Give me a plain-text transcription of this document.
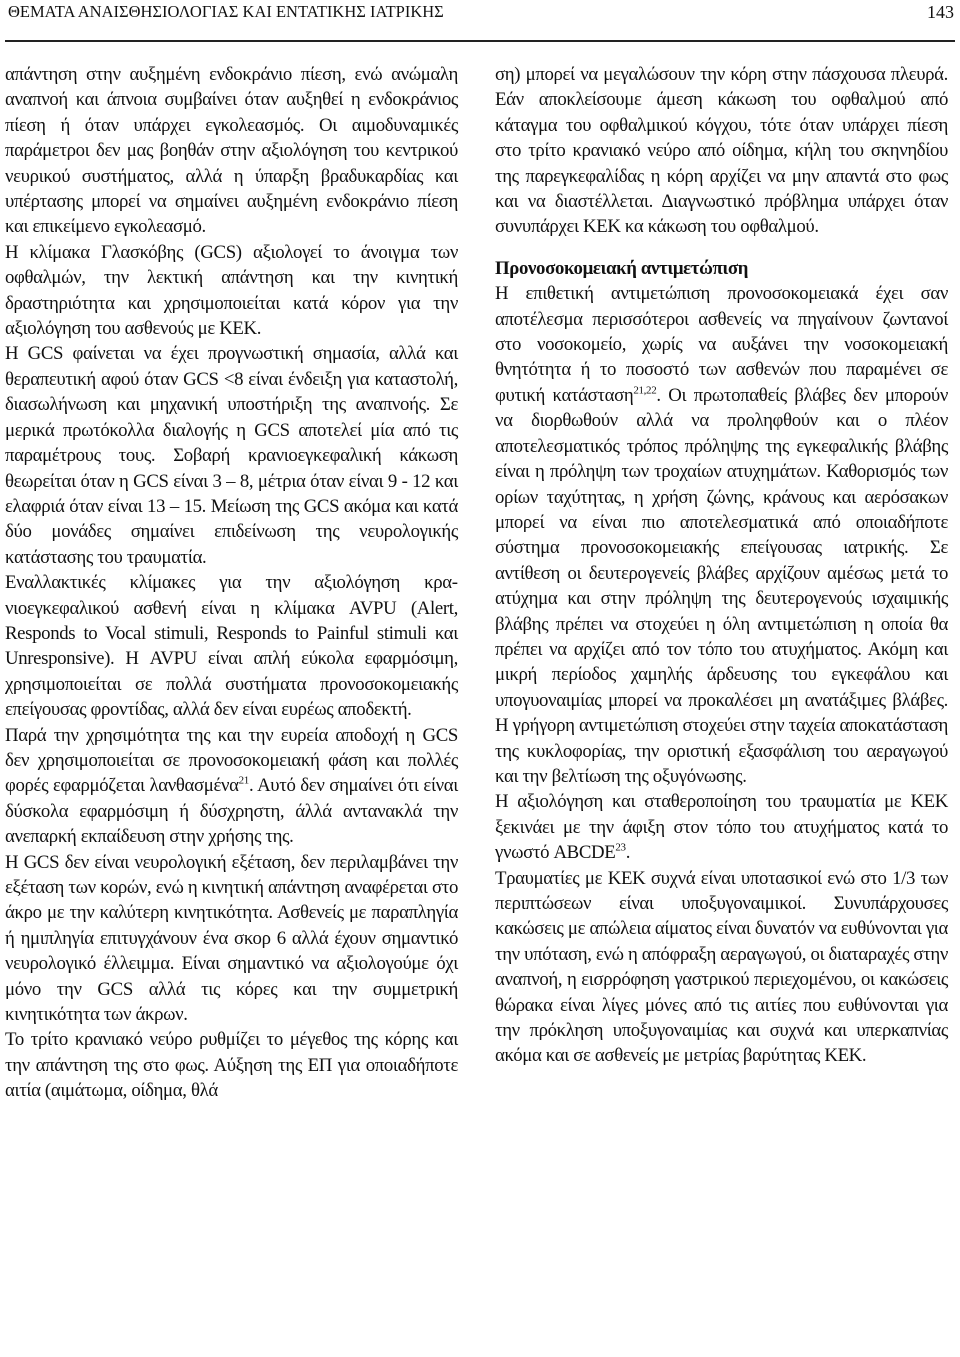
ΘΕΜΑΤΑ ΑΝΑΙΣΘΗΣΙΟΛΟΓΙΑΣ ΚΑΙ ΕΝΤΑΤΙΚΗΣ ΙΑΤΡΙΚΗΣ	143

απάντηση στην αυξημένη ενδοκράνιο πίεση, ενώ ανώμαλη αναπνοή και άπνοια συμβαίνει όταν αυξηθεί η ενδοκράνιος πίεση ή όταν υπάρχει εγκολεασμός. Οι αιμοδυναμικές παράμετροι δεν μας βοηθάν στην αξιολόγηση του κεντρικού νευρικού συστήματος, αλλά η ύπαρξη βραδυκαρδίας και υπέρτασης μπορεί να σημαίνει αυξημένη ενδοκράνιο πίεση και επικείμενο εγκολεασμό.

Η κλίμακα Γλασκόβης (GCS) αξιολογεί το άνοιγμα των οφθαλμών, την λεκτική απάντηση και την κινητική δραστηριότητα και χρησιμοποιείται κατά κόρον για την αξιολόγηση του ασθενούς με ΚΕΚ.

Η GCS φαίνεται να έχει προγνωστική σημασία, αλλά και θεραπευτική αφού όταν GCS <8 είναι ένδειξη για καταστολή, διασωλήνωση και μηχανική υποστήριξη της αναπνοής. Σε μερικά πρωτόκολλα διαλογής η GCS αποτελεί μία από τις παραμέτρους τους. Σοβαρή κρανιοεγκεφαλική κάκωση θεωρείται όταν η GCS είναι 3 – 8, μέτρια όταν είναι 9 - 12 και ελαφριά όταν είναι 13 – 15. Μείωση της GCS ακόμα και κατά δύο μονάδες σημαίνει επιδείνωση της νευρολογικής κατάστασης του τραυματία.

Εναλλακτικές κλίμακες για την αξιολόγηση κρανιοεγκεφαλικού ασθενή είναι η κλίμακα AVPU (Alert, Responds to Vocal stimuli, Responds to Painful stimuli και Unresponsive). Η AVPU είναι απλή εύκολα εφαρμόσιμη, χρησιμοποιείται σε πολλά συστήματα προνοσοκομειακής επείγουσας φροντίδας, αλλά δεν είναι ευρέως αποδεκτή.

Παρά την χρησιμότητα της και την ευρεία αποδοχή η GCS δεν χρησιμοποιείται σε προνοσοκομειακή φάση και πολλές φορές εφαρμόζεται λανθασμένα$^{21}$. Αυτό δεν σημαίνει ότι είναι δύσκολα εφαρμόσιμη ή δύσχρηστη, άλλά αντανακλά την ανεπαρκή εκπαίδευση στην χρήσης της.

Η GCS δεν είναι νευρολογική εξέταση, δεν περιλαμβάνει την εξέταση των κορών, ενώ η κινητική απάντηση αναφέρεται στο άκρο με την καλύτερη κινητικότητα. Ασθενείς με παραπληγία ή ημιπληγία επιτυγχάνουν ένα σκορ 6 αλλά έχουν σημαντικό νευρολογικό έλλειμμα. Είναι σημαντικό να αξιολογούμε όχι μόνο την GCS αλλά τις κόρες και την συμμετρική κινητικότητα των άκρων.

Το τρίτο κρανιακό νεύρο ρυθμίζει το μέγεθος της κόρης και την απάντηση της στο φως. Αύξηση της ΕΠ για οποιαδήποτε αιτία (αιμάτωμα, οίδημα, θλά

ση) μπορεί να μεγαλώσουν την κόρη στην πάσχουσα πλευρά. Εάν αποκλείσουμε άμεση κάκωση του οφθαλμού από κάταγμα του οφθαλμικού κόγχου, τότε όταν υπάρχει πίεση στο τρίτο κρανιακό νεύρο από οίδημα, κήλη του σκηνηδίου της παρεγκεφαλίδας η κόρη αρχίζει να μην απαντά στο φως και να διαστέλλεται. Διαγνωστικό πρόβλημα υπάρχει όταν συνυπάρχει ΚΕΚ κα κάκωση του οφθαλμού.

Προνοσοκομειακή αντιμετώπιση

Η επιθετική αντιμετώπιση προνοσοκομειακά έχει σαν αποτέλεσμα περισσότεροι ασθενείς να πηγαίνουν ζωντανοί στο νοσοκομείο, χωρίς να αυξάνει την νοσοκομειακή θνητότητα ή το ποσοστό των ασθενών που παραμένει σε φυτική κατάσταση$^{21,22}$. Οι πρωτοπαθείς βλάβες δεν μπορούν να διορθωθούν αλλά να προληφθούν και ο πλέον αποτελεσματικός τρόπος πρόληψης της εγκεφαλικής βλάβης είναι η πρόληψη των τροχαίων ατυχημάτων. Καθορισμός των ορίων ταχύτητας, η χρήση ζώνης, κράνους και αερόσακων μπορεί να είναι πιο αποτελεσματικά από οποιαδήποτε σύστημα προνοσοκομειακής επείγουσας ιατρικής. Σε αντίθεση οι δευτερογενείς βλάβες αρχίζουν αμέσως μετά το ατύχημα και στην πρόληψη της δευτερογενούς ισχαιμικής βλάβης πρέπει να στοχεύει η όλη αντιμετώπιση η οποία θα πρέπει να αρχίζει από τον τόπο του ατυχήματος. Ακόμη και μικρή περίοδος χαμηλής άρδευσης του εγκεφάλου και υπογυοναιμίας μπορεί να προκαλέσει μη ανατάξιμες βλάβες. Η γρήγορη αντιμετώπιση στοχεύει στην ταχεία αποκατάσταση της κυκλοφορίας, την οριστική εξασφάλιση του αεραγωγού και την βελτίωση της οξυγόνωσης.

Η αξιολόγηση και σταθεροποίηση του τραυματία με ΚΕΚ ξεκινάει με την άφιξη στον τόπο του ατυχήματος κατά το γνωστό ABCDE$^{23}$.

Τραυματίες με ΚΕΚ συχνά είναι υποτασικοί ενώ στο 1/3 των περιπτώσεων είναι υποξυγοναιμικοί. Συνυπάρχουσες κακώσεις με απώλεια αίματος είναι δυνατόν να ευθύνονται για την υπόταση, ενώ η απόφραξη αεραγωγού, οι διαταραχές στην αναπνοή, η εισρρόφηση γαστρικού περιεχομένου, οι κακώσεις θώρακα είναι λίγες μόνες από τις αιτίες που ευθύνονται για την πρόκληση υποξυγοναιμίας και συχνά και υπερκαπνίας ακόμα και σε ασθενείς με μετρίας βαρύτητας ΚΕΚ.
